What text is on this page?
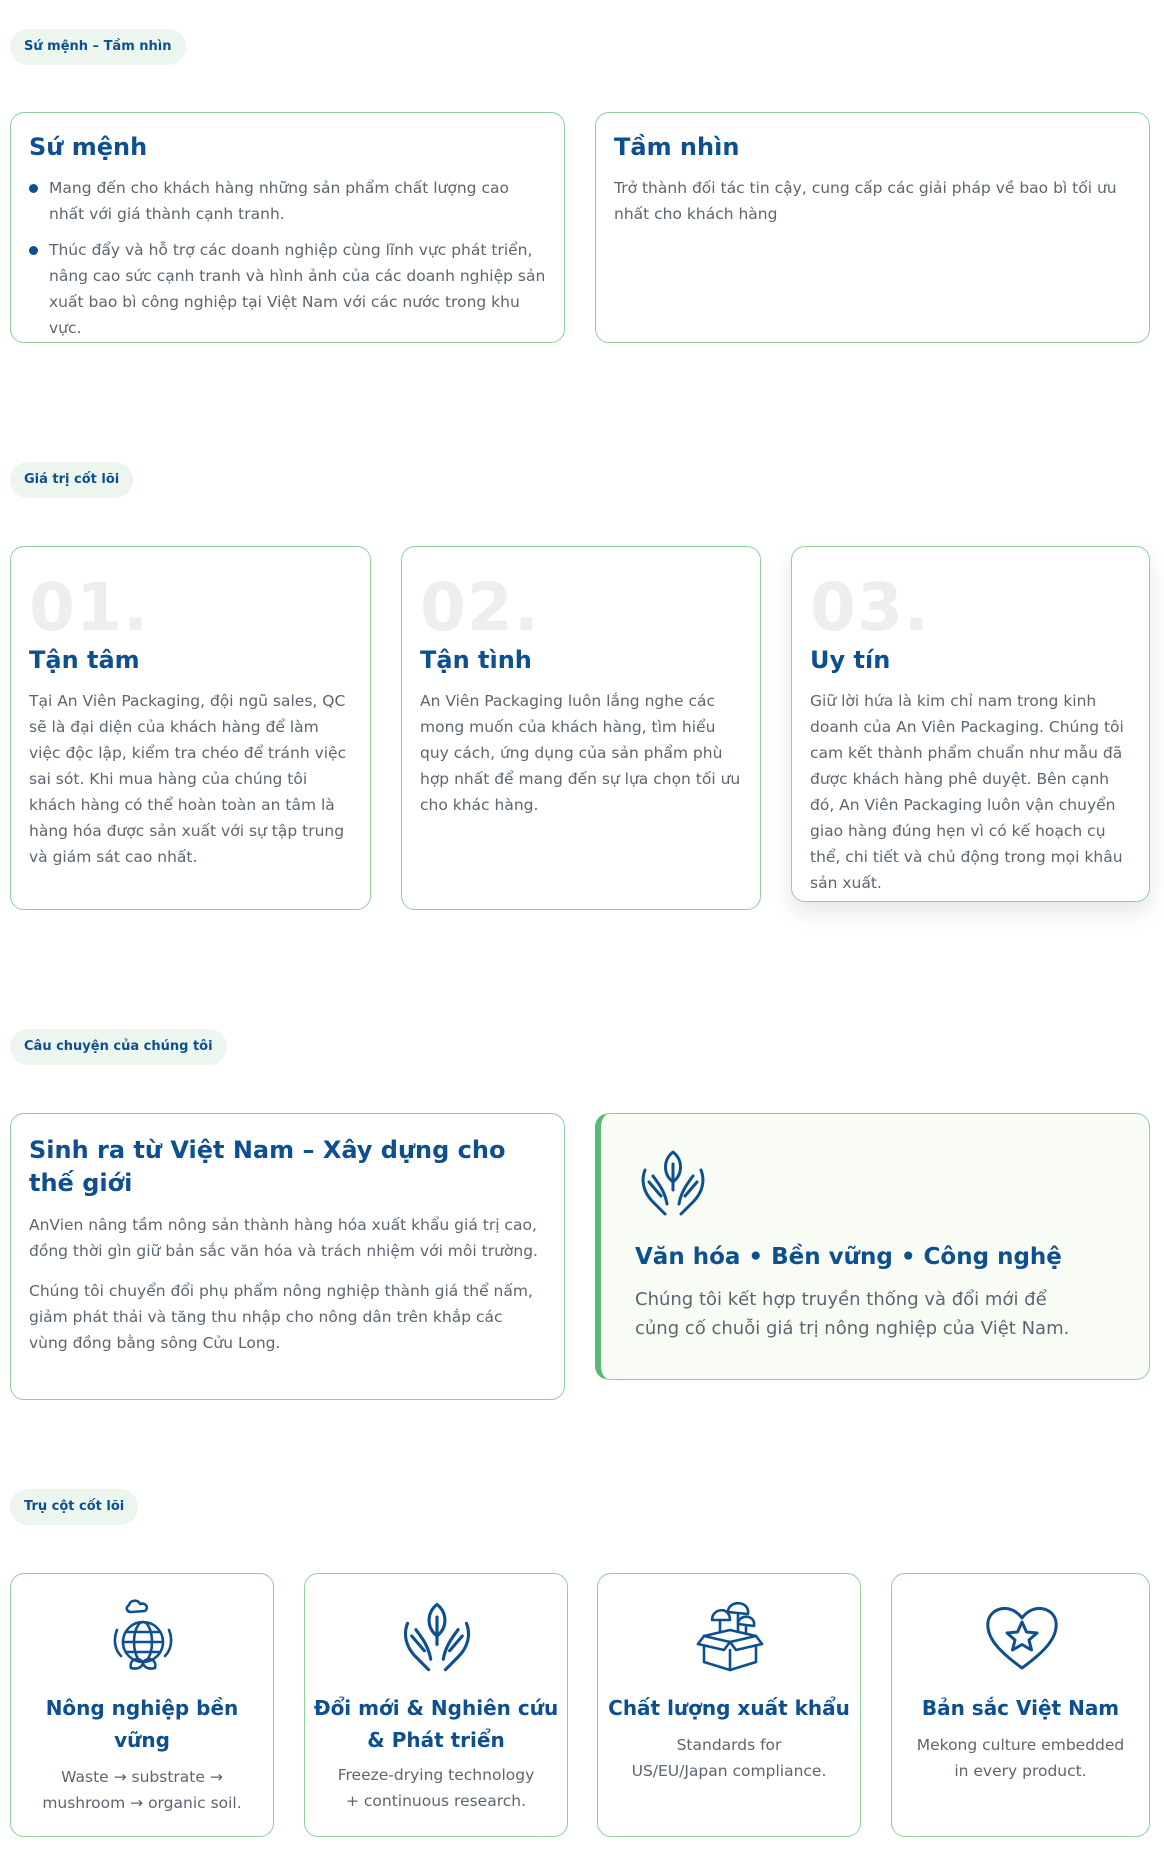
Sứ mệnh – Tầm nhìn
Sứ mệnh
Mang đến cho khách hàng những sản phẩm chất lượng cao nhất với giá thành cạnh tranh.
Thúc đẩy và hỗ trợ các doanh nghiệp cùng lĩnh vực phát triển, nâng cao sức cạnh tranh và hình ảnh của các doanh nghiệp sản xuất bao bì công nghiệp tại Việt Nam với các nước trong khu vực.
Tầm nhìn

Trở thành đối tác tin cậy, cung cấp các giải pháp về bao bì tối ưu nhất cho khách hàng

Giá trị cốt lõi
01.
Tận tâm

Tại An Viên Packaging, đội ngũ sales, QC sẽ là đại diện của khách hàng để làm việc độc lập, kiểm tra chéo để tránh việc sai sót. Khi mua hàng của chúng tôi khách hàng có thể hoàn toàn an tâm là hàng hóa được sản xuất với sự tập trung và giám sát cao nhất.

02.
Tận tình

An Viên Packaging luôn lắng nghe các mong muốn của khách hàng, tìm hiểu quy cách, ứng dụng của sản phẩm phù hợp nhất để mang đến sự lựa chọn tối ưu cho khác hàng.

03.
Uy tín

Giữ lời hứa là kim chỉ nam trong kinh doanh của An Viên Packaging. Chúng tôi cam kết thành phẩm chuẩn như mẫu đã được khách hàng phê duyệt. Bên cạnh đó, An Viên Packaging luôn vận chuyển giao hàng đúng hẹn vì có kế hoạch cụ thể, chi tiết và chủ động trong mọi khâu sản xuất.

Câu chuyện của chúng tôi
Sinh ra từ Việt Nam – Xây dựng cho thế giới

AnVien nâng tầm nông sản thành hàng hóa xuất khẩu giá trị cao, đồng thời gìn giữ bản sắc văn hóa và trách nhiệm với môi trường.

Chúng tôi chuyển đổi phụ phẩm nông nghiệp thành giá thể nấm, giảm phát thải và tăng thu nhập cho nông dân trên khắp các vùng đồng bằng sông Cửu Long.

Văn hóa • Bền vững • Công nghệ

Chúng tôi kết hợp truyền thống và đổi mới để củng cố chuỗi giá trị nông nghiệp của Việt Nam.

Trụ cột cốt lõi
Nông nghiệp bền vững

Waste → substrate → mushroom → organic soil.

Đổi mới & Nghiên cứu & Phát triển

Freeze-drying technology + continuous research.

Chất lượng xuất khẩu

Standards for US/EU/Japan compliance.

Bản sắc Việt Nam

Mekong culture embedded in every product.
